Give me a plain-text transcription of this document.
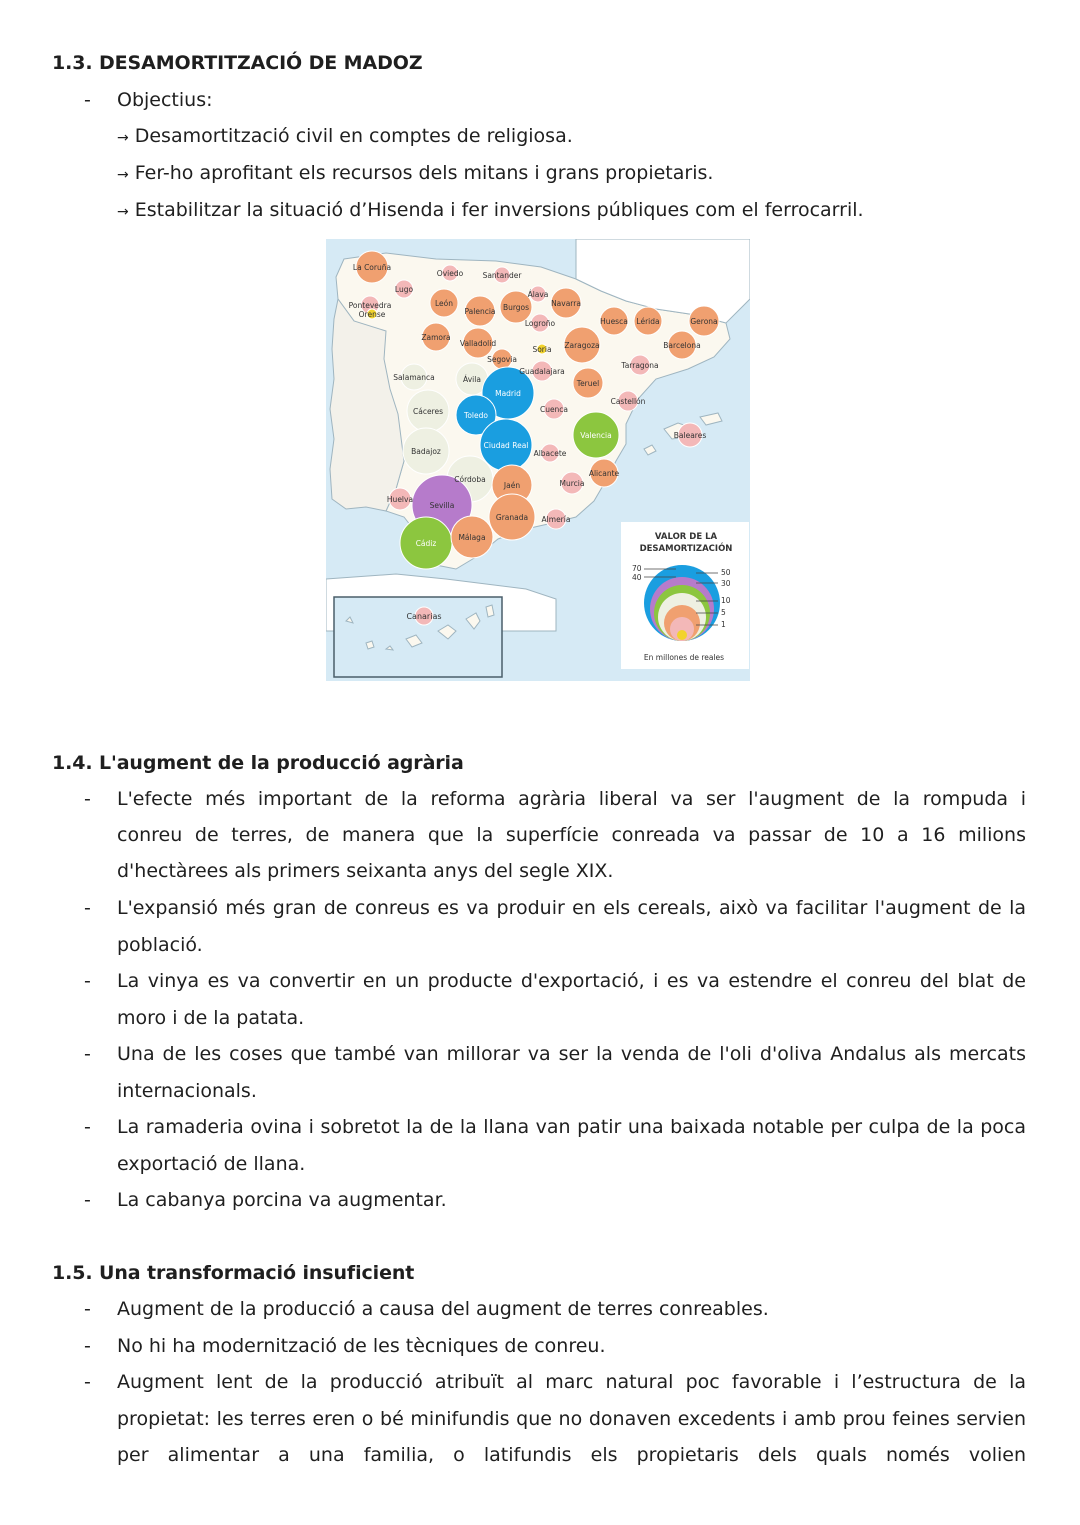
1.3. DESAMORTITZACIÓ DE MADOZ
- Objectius:
→ Desamortització civil en comptes de religiosa.
→ Fer-ho aprofitant els recursos dels mitans i grans propietaris.
→ Estabilitzar la situació d’Hisenda i fer inversions públiques com el ferrocarril.
La Coruña
Lugo
Oviedo	Santander
Álava
Pontevedra
Orense
León
Palencia Burgos	Navarra
Logroño	Huesca Lérida	Gerona
Zamora
Valladolid
Soria Zaragoza	Barcelona
Segovia
Tarragona
Salamanca	Ávila
Guadalajara
Madrid
Teruel
Castellón
Cáceres	Toledo
Cuenca
Valencia	Baleares
Badajoz
Ciudad Real
Albacete
Córdoba
Jaén	Murcia
Alicante
Huelva
Sevilla
Granada Almería
Cádiz
Málaga
Canarias
VALOR DE LA
DESAMORTIZACIÓN
70
40
50
30
10
5
1
En millones de reales
1.4. L'augment de la producció agrària
- L'efecte més important de la reforma agrària liberal va ser l'augment de la rompuda i
conreu de terres, de manera que la superfície conreada va passar de 10 a 16 milions
d'hectàrees als primers seixanta anys del segle XIX.
- L'expansió més gran de conreus es va produir en els cereals, això va facilitar l'augment de la població.
- La vinya es va convertir en un producte d'exportació, i es va estendre el conreu del blat de moro i de la patata.
- Una de les coses que també van millorar va ser la venda de l'oli d'oliva Andalus als mercats internacionals.
- La ramaderia ovina i sobretot la de la llana van patir una baixada notable per culpa de la poca exportació de llana.
- La cabanya porcina va augmentar.
1.5. Una transformació insuficient
- Augment de la producció a causa del augment de terres conreables.
- No hi ha modernització de les tècniques de conreu.
- Augment lent de la producció atribuït al marc natural poc favorable i l’estructura de la propietat: les terres eren o bé minifundis que no donaven excedents i amb prou feines servien per alimentar a una familia, o latifundis els propietaris dels quals només volien
